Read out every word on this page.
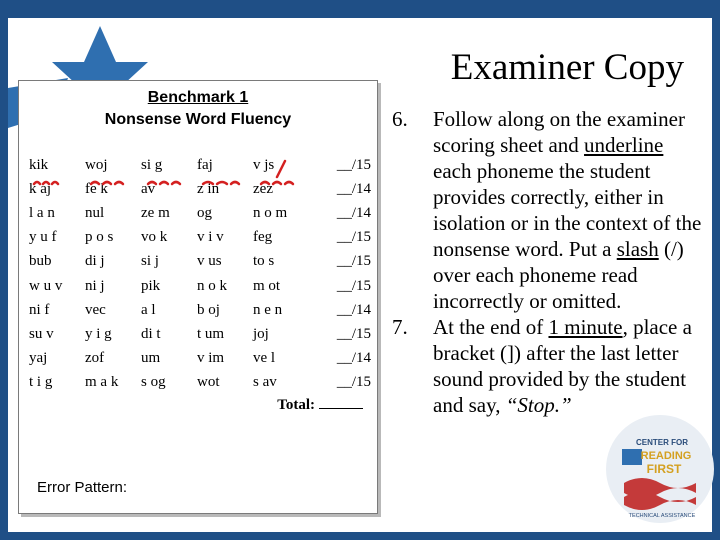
Examiner Copy
Benchmark 1
Nonsense Word Fluency
kik	woj	si g	faj	v js	__/15
k aj	fe k	av	z in	zez	__/14
l a n	nul	ze m	og	n o m	__/14
y u f	p o s	vo k	v i v	feg	__/15
bub	di j	si j	v us	to s	__/15
w u v	ni j	pik	n o k	m ot	__/15
ni f	vec	a l	b oj	n e n	__/14
su v	y i g	di t	t um	joj	__/15
yaj	zof	um	v im	ve l	__/14
t i g	m a k	s og	wot	s av	__/15
Total:
Error Pattern:
6. Follow along on the examiner scoring sheet and underline each phoneme the student provides correctly, either in isolation or in the context of the nonsense word. Put a slash (/) over each phoneme read incorrectly or omitted.
7. At the end of 1 minute, place a bracket (]) after the last letter sound provided by the student and say, “Stop.”
CENTER FOR
READING
FIRST
TECHNICAL ASSISTANCE
